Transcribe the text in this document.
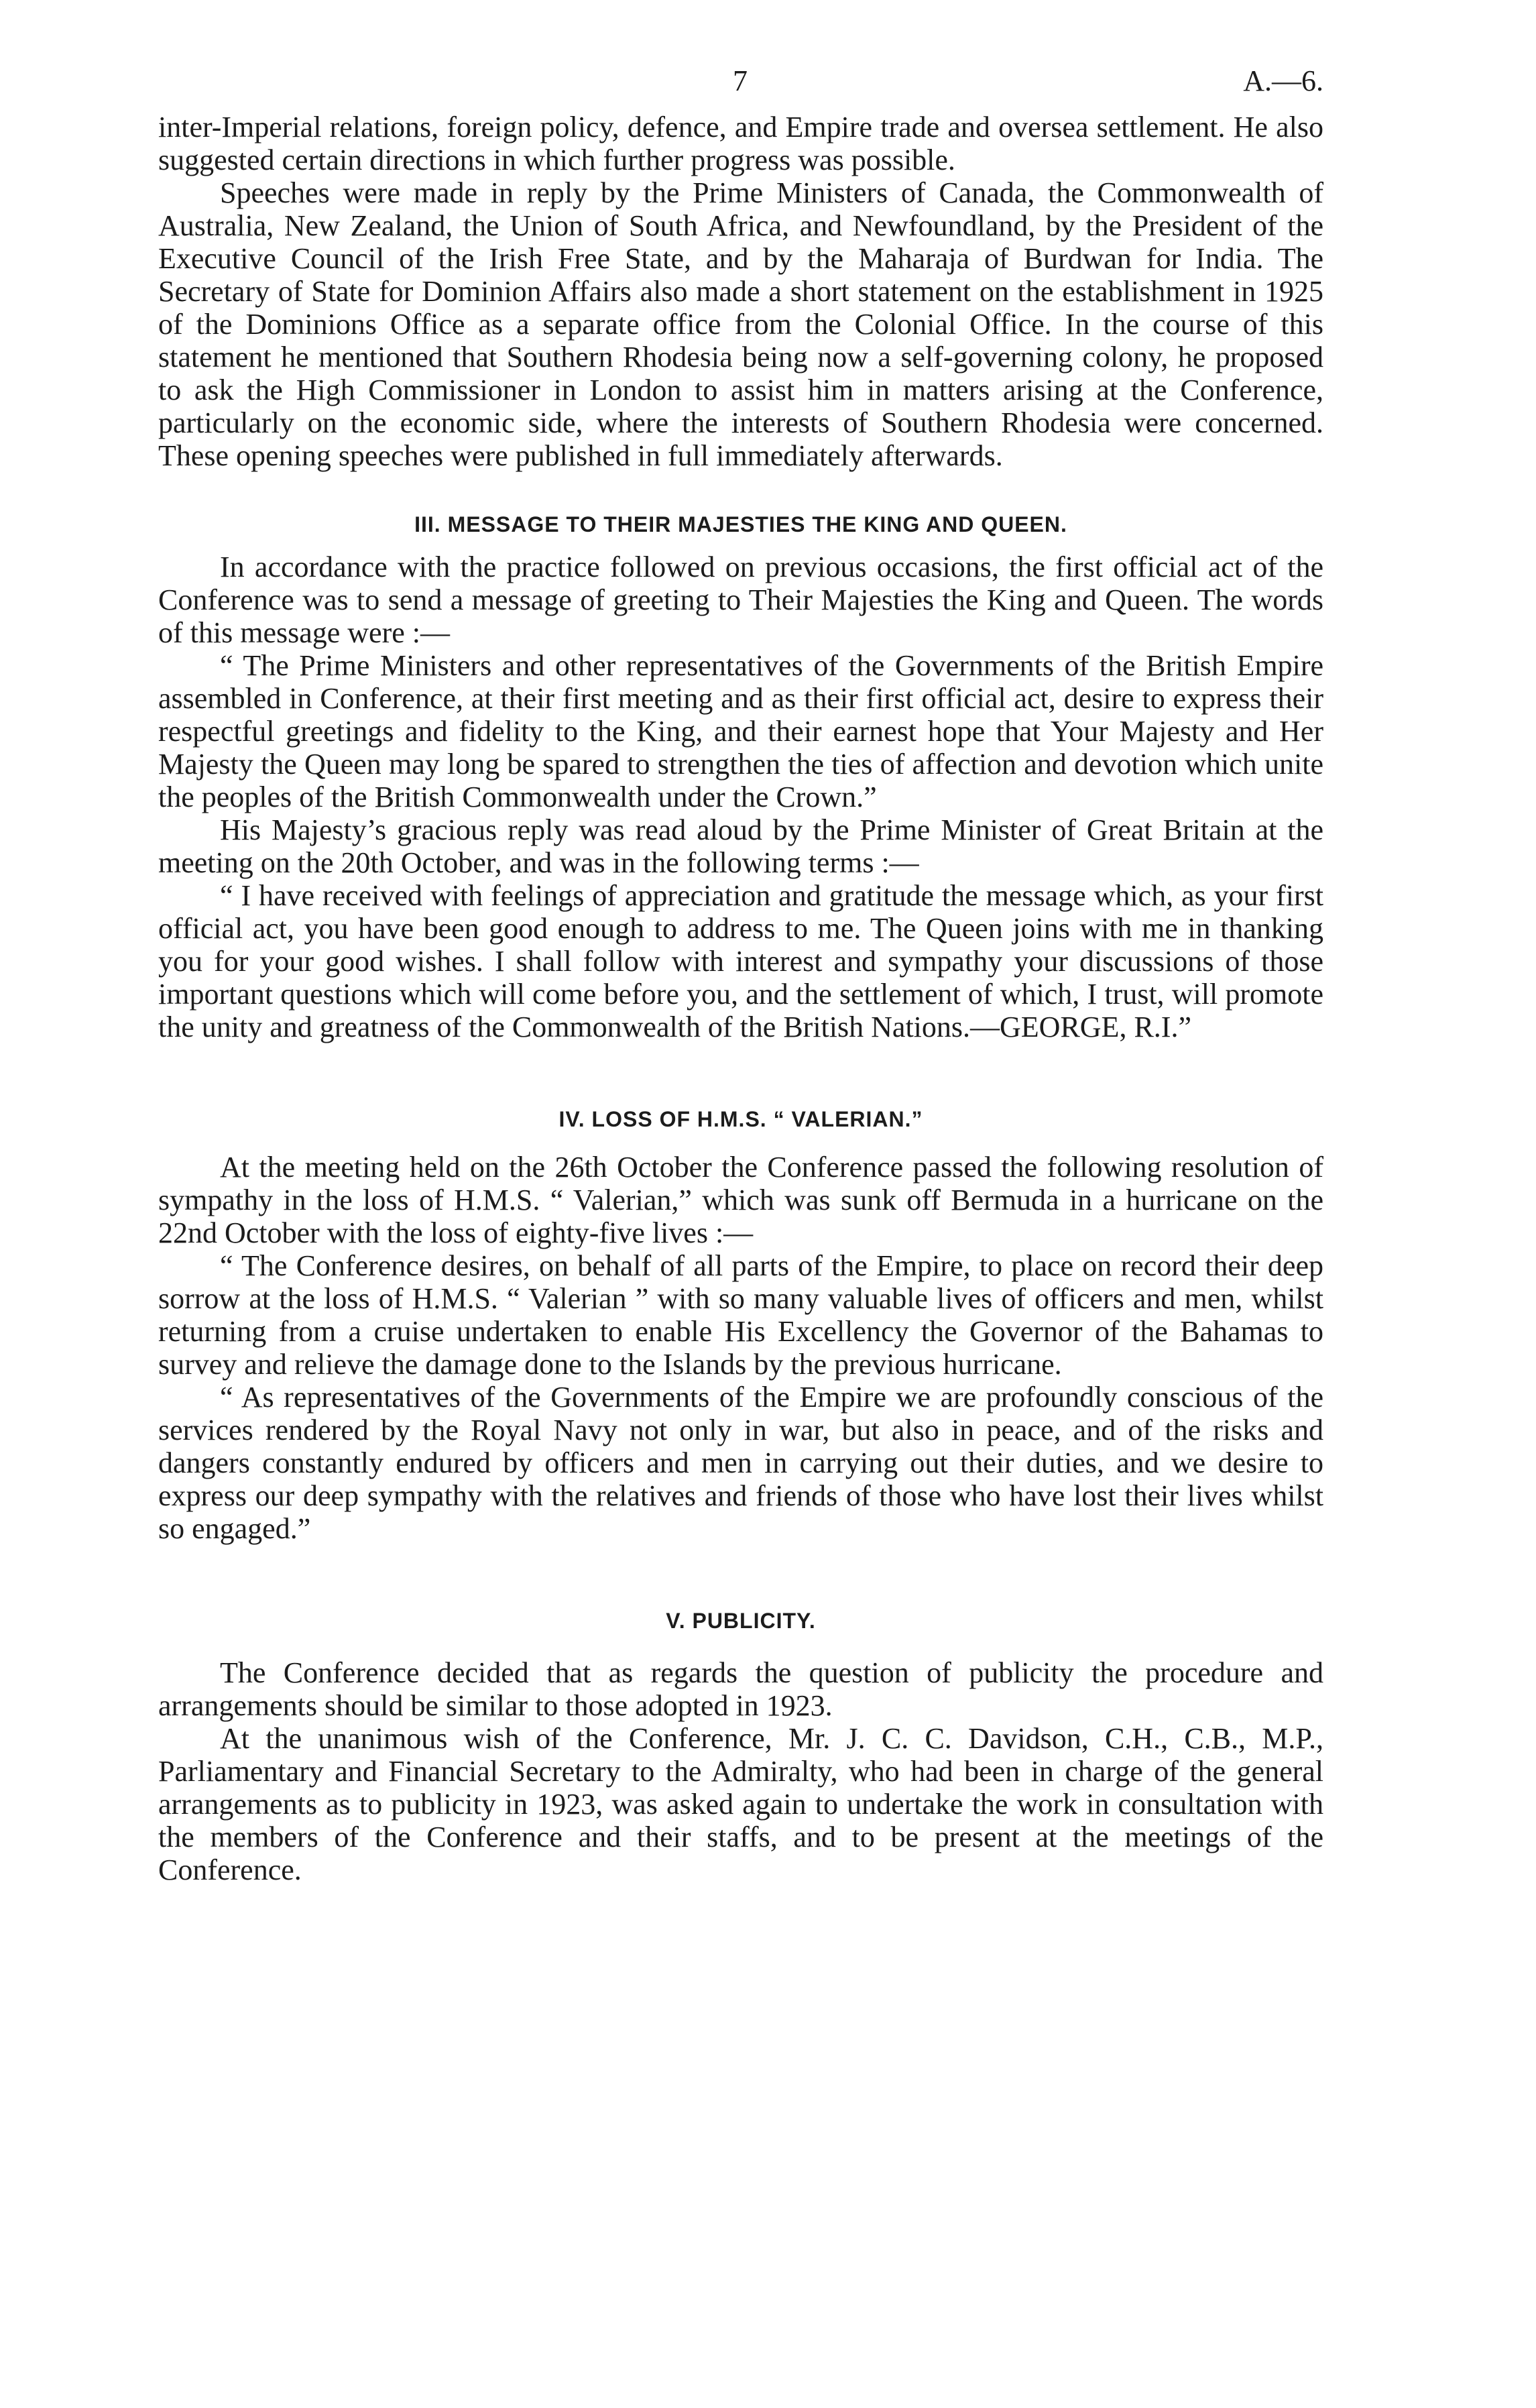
7	A.—6.

inter-Imperial relations, foreign policy, defence, and Empire trade and oversea settlement. He also suggested certain directions in which further progress was possible.

Speeches were made in reply by the Prime Ministers of Canada, the Commonwealth of Australia, New Zealand, the Union of South Africa, and Newfoundland, by the President of the Executive Council of the Irish Free State, and by the Maharaja of Burdwan for India. The Secretary of State for Dominion Affairs also made a short statement on the establishment in 1925 of the Dominions Office as a separate office from the Colonial Office. In the course of this statement he mentioned that Southern Rhodesia being now a self-governing colony, he proposed to ask the High Commissioner in London to assist him in matters arising at the Conference, particularly on the economic side, where the interests of Southern Rhodesia were concerned. These opening speeches were published in full immediately afterwards.

III. MESSAGE TO THEIR MAJESTIES THE KING AND QUEEN.

In accordance with the practice followed on previous occasions, the first official act of the Conference was to send a message of greeting to Their Majesties the King and Queen. The words of this message were :—

“ The Prime Ministers and other representatives of the Governments of the British Empire assembled in Conference, at their first meeting and as their first official act, desire to express their respectful greetings and fidelity to the King, and their earnest hope that Your Majesty and Her Majesty the Queen may long be spared to strengthen the ties of affection and devotion which unite the peoples of the British Commonwealth under the Crown.”

His Majesty’s gracious reply was read aloud by the Prime Minister of Great Britain at the meeting on the 20th October, and was in the following terms :—

“ I have received with feelings of appreciation and gratitude the message which, as your first official act, you have been good enough to address to me. The Queen joins with me in thanking you for your good wishes. I shall follow with interest and sympathy your discussions of those important questions which will come before you, and the settlement of which, I trust, will promote the unity and greatness of the Commonwealth of the British Nations.—GEORGE, R.I.”

IV. LOSS OF H.M.S. “ VALERIAN.”

At the meeting held on the 26th October the Conference passed the following resolution of sympathy in the loss of H.M.S. “ Valerian,” which was sunk off Bermuda in a hurricane on the 22nd October with the loss of eighty-five lives :—

“ The Conference desires, on behalf of all parts of the Empire, to place on record their deep sorrow at the loss of H.M.S. “ Valerian ” with so many valuable lives of officers and men, whilst returning from a cruise undertaken to enable His Excellency the Governor of the Bahamas to survey and relieve the damage done to the Islands by the previous hurricane.

“ As representatives of the Governments of the Empire we are profoundly conscious of the services rendered by the Royal Navy not only in war, but also in peace, and of the risks and dangers constantly endured by officers and men in carrying out their duties, and we desire to express our deep sympathy with the relatives and friends of those who have lost their lives whilst so engaged.”

V. PUBLICITY.

The Conference decided that as regards the question of publicity the procedure and arrangements should be similar to those adopted in 1923.

At the unanimous wish of the Conference, Mr. J. C. C. Davidson, C.H., C.B., M.P., Parliamentary and Financial Secretary to the Admiralty, who had been in charge of the general arrangements as to publicity in 1923, was asked again to undertake the work in consultation with the members of the Conference and their staffs, and to be present at the meetings of the Conference.
